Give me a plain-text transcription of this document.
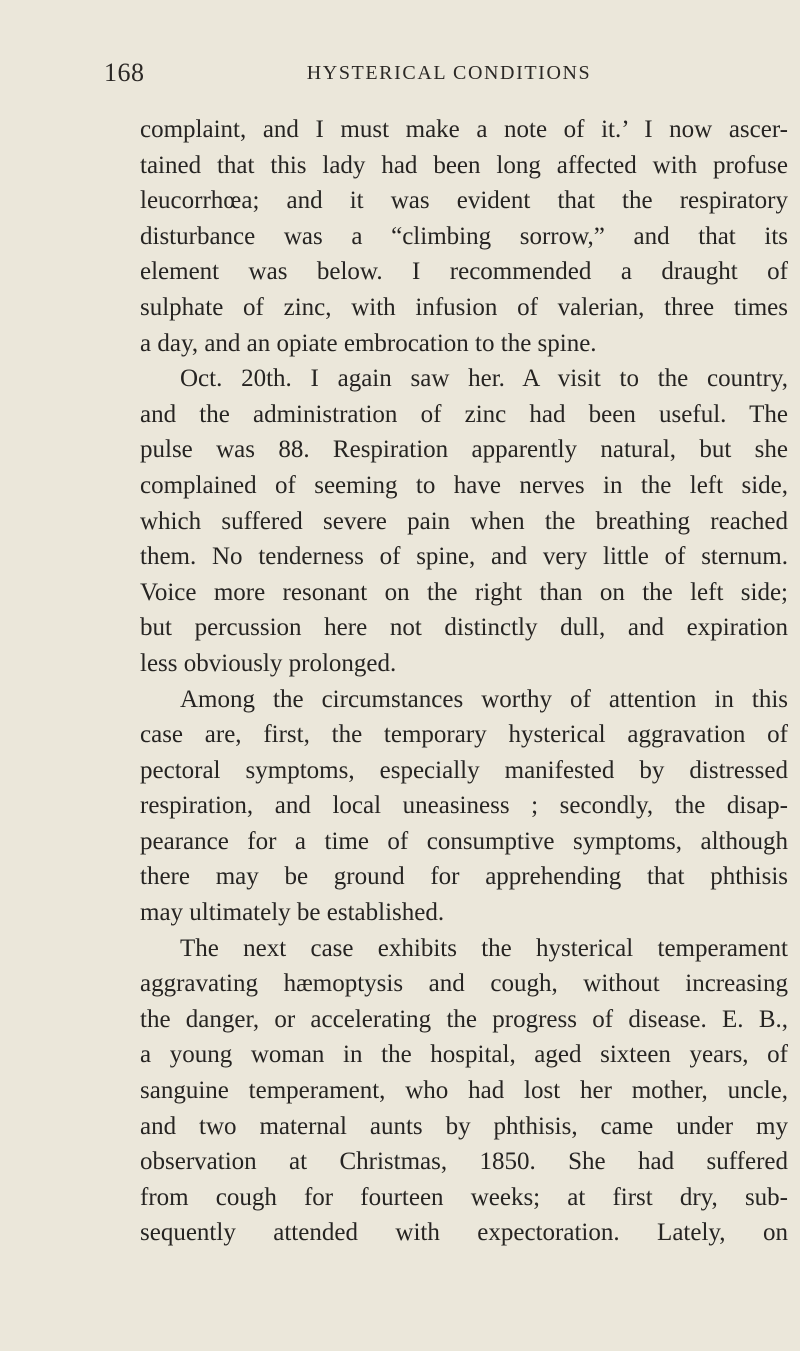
168	HYSTERICAL CONDITIONS
complaint, and I must make a note of it.’ I now ascer-
tained that this lady had been long affected with profuse
leucorrhœa; and it was evident that the respiratory
disturbance was a “climbing sorrow,” and that its
element was below. I recommended a draught of
sulphate of zinc, with infusion of valerian, three times
a day, and an opiate embrocation to the spine.
Oct. 20th. I again saw her. A visit to the country,
and the administration of zinc had been useful. The
pulse was 88. Respiration apparently natural, but she
complained of seeming to have nerves in the left side,
which suffered severe pain when the breathing reached
them. No tenderness of spine, and very little of sternum.
Voice more resonant on the right than on the left side;
but percussion here not distinctly dull, and expiration
less obviously prolonged.
Among the circumstances worthy of attention in this
case are, first, the temporary hysterical aggravation of
pectoral symptoms, especially manifested by distressed
respiration, and local uneasiness ; secondly, the disap-
pearance for a time of consumptive symptoms, although
there may be ground for apprehending that phthisis
may ultimately be established.
The next case exhibits the hysterical temperament
aggravating hæmoptysis and cough, without increasing
the danger, or accelerating the progress of disease. E. B.,
a young woman in the hospital, aged sixteen years, of
sanguine temperament, who had lost her mother, uncle,
and two maternal aunts by phthisis, came under my
observation at Christmas, 1850. She had suffered
from cough for fourteen weeks; at first dry, sub-
sequently attended with expectoration. Lately, on
